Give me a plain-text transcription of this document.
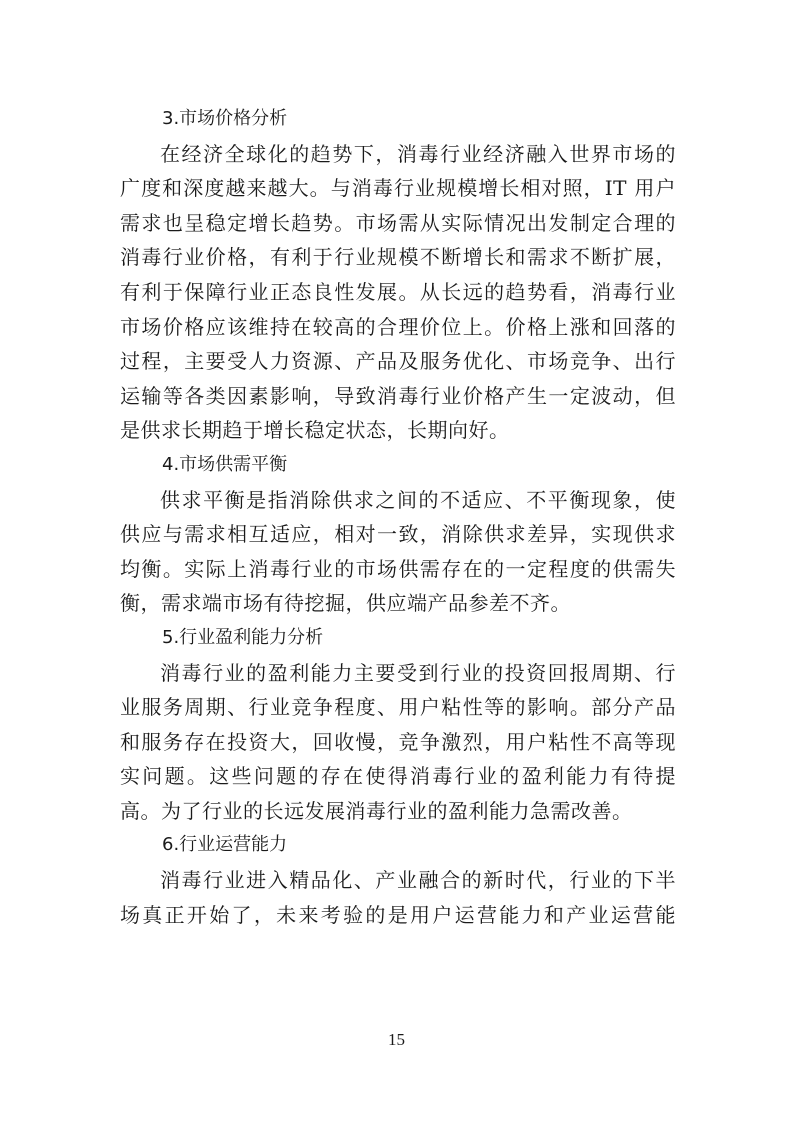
3.市场价格分析

在经济全球化的趋势下，消毒行业经济融入世界市场的
广度和深度越来越大。与消毒行业规模增长相对照，IT 用户
需求也呈稳定增长趋势。市场需从实际情况出发制定合理的
消毒行业价格，有利于行业规模不断增长和需求不断扩展，
有利于保障行业正态良性发展。从长远的趋势看，消毒行业
市场价格应该维持在较高的合理价位上。价格上涨和回落的
过程，主要受人力资源、产品及服务优化、市场竞争、出行
运输等各类因素影响，导致消毒行业价格产生一定波动，但
是供求长期趋于增长稳定状态，长期向好。

4.市场供需平衡

供求平衡是指消除供求之间的不适应、不平衡现象，使
供应与需求相互适应，相对一致，消除供求差异，实现供求
均衡。实际上消毒行业的市场供需存在的一定程度的供需失
衡，需求端市场有待挖掘，供应端产品参差不齐。

5.行业盈利能力分析

消毒行业的盈利能力主要受到行业的投资回报周期、行
业服务周期、行业竞争程度、用户粘性等的影响。部分产品
和服务存在投资大，回收慢，竞争激烈，用户粘性不高等现
实问题。这些问题的存在使得消毒行业的盈利能力有待提
高。为了行业的长远发展消毒行业的盈利能力急需改善。

6.行业运营能力

消毒行业进入精品化、产业融合的新时代，行业的下半
场真正开始了，未来考验的是用户运营能力和产业运营能

15
